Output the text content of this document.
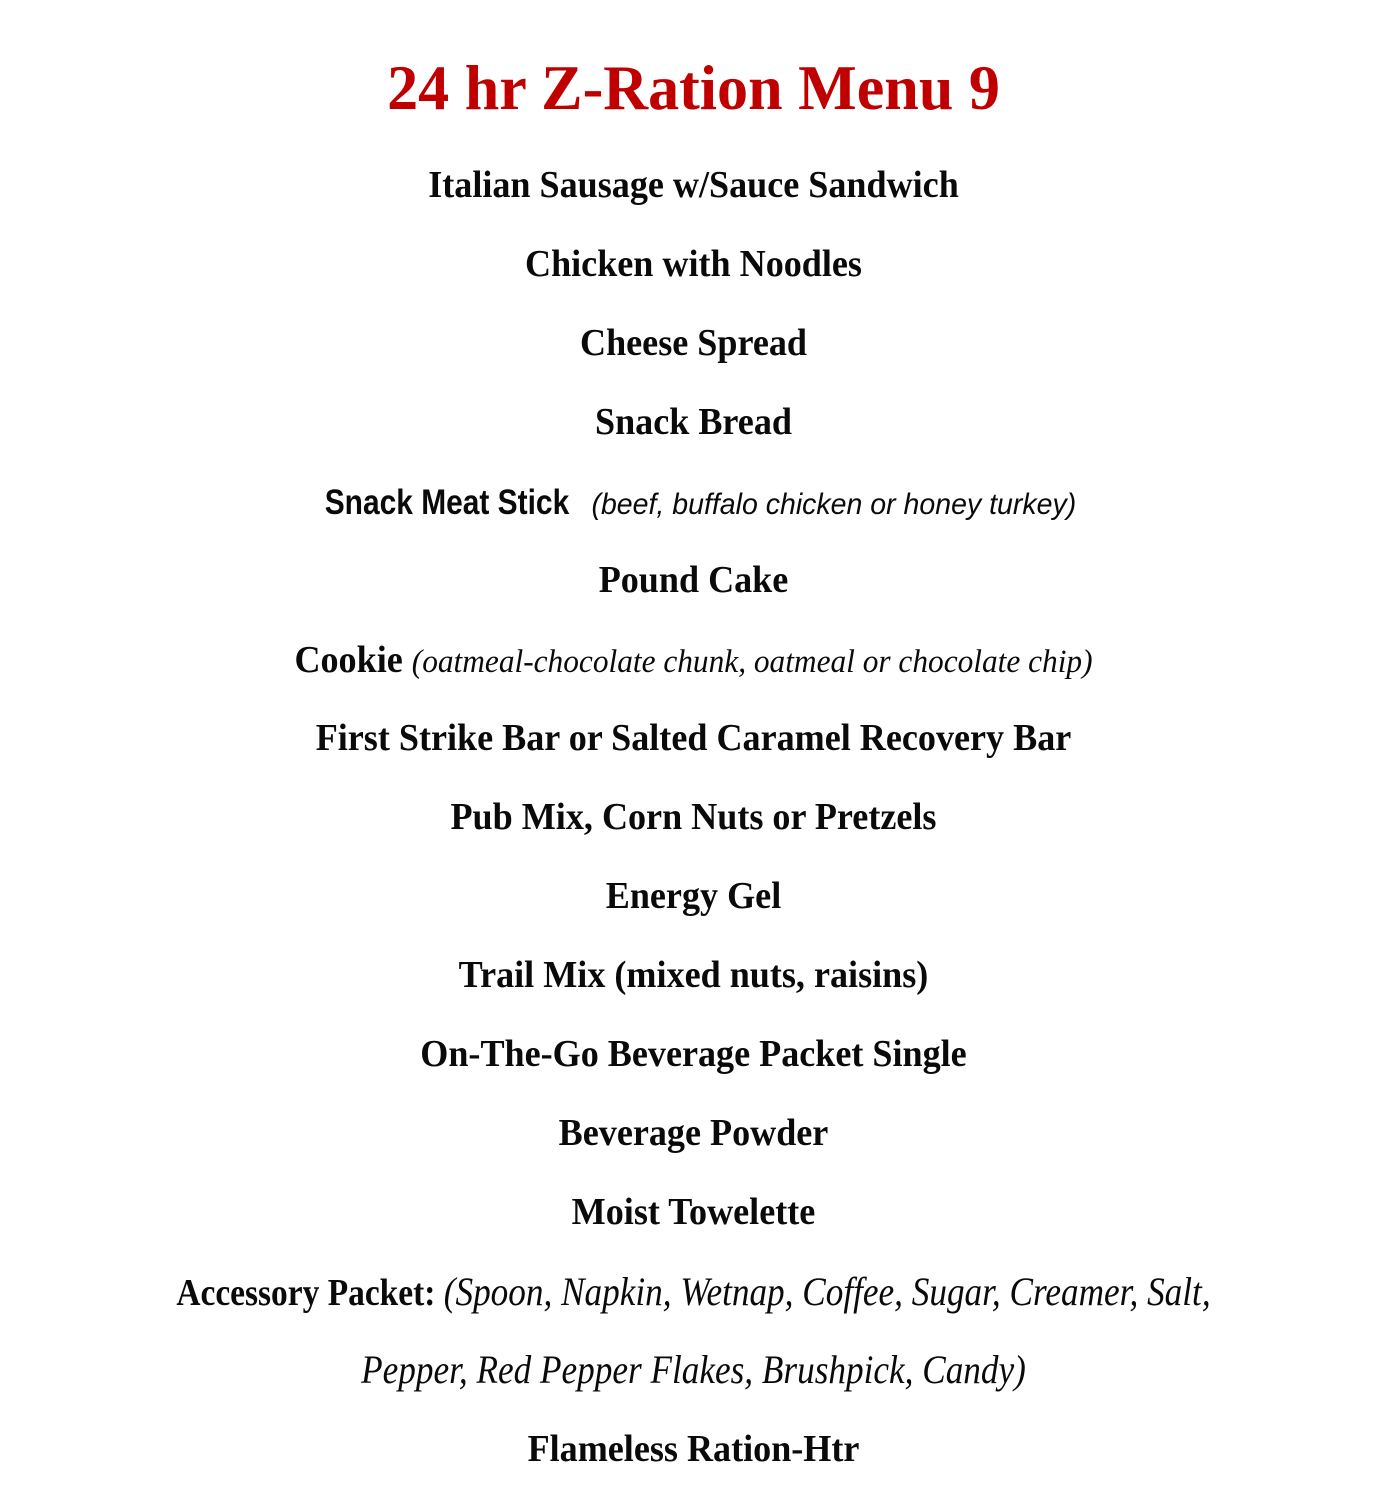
24 hr Z-Ration Menu 9
Italian Sausage w/Sauce Sandwich
Chicken with Noodles
Cheese Spread
Snack Bread
Snack Meat Stick (beef, buffalo chicken or honey turkey)
Pound Cake
Cookie (oatmeal-chocolate chunk, oatmeal or chocolate chip)
First Strike Bar or Salted Caramel Recovery Bar
Pub Mix, Corn Nuts or Pretzels
Energy Gel
Trail Mix (mixed nuts, raisins)
On-The-Go Beverage Packet Single
Beverage Powder
Moist Towelette
Accessory Packet: (Spoon, Napkin, Wetnap, Coffee, Sugar, Creamer, Salt,
Pepper, Red Pepper Flakes, Brushpick, Candy)
Flameless Ration-Htr
